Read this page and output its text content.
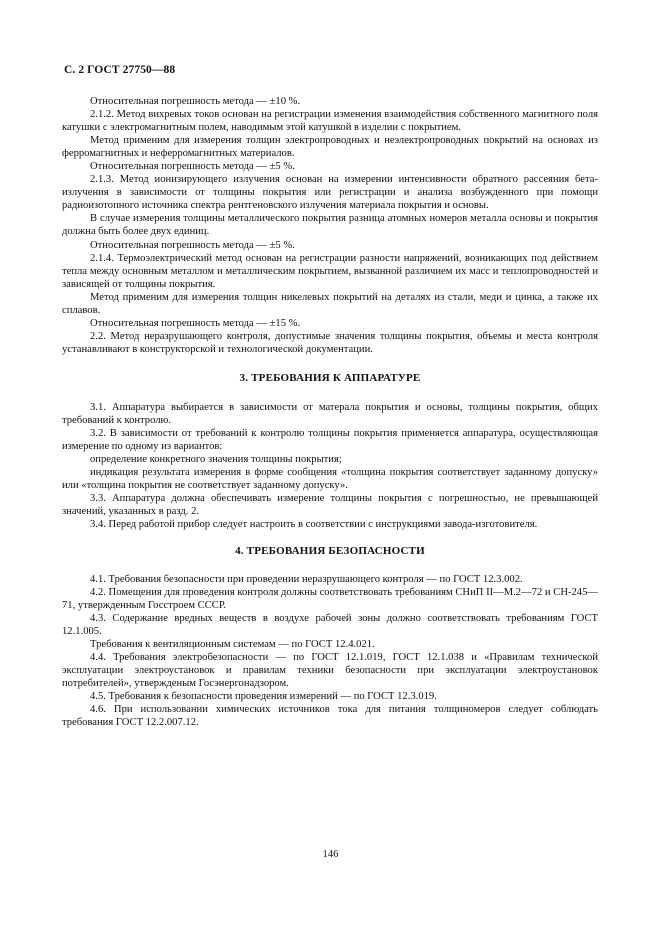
С. 2 ГОСТ 27750—88

Относительная погрешность метода — ±10 %.

2.1.2. Метод вихревых токов основан на регистрации изменения взаимодействия собственного магнитного поля катушки с электромагнитным полем, наводимым этой катушкой в изделии с покрытием.

Метод применим для измерения толщин электропроводных и неэлектропроводных покрытий на основах из ферромагнитных и неферромагнитных материалов.

Относительная погрешность метода — ±5 %.

2.1.3. Метод ионизирующего излучения основан на измерении интенсивности обратного рассеяния бета-излучения в зависимости от толщины покрытия или регистрации и анализа возбужденного при помощи радиоизотопного источника спектра рентгеновского излучения материала покрытия и основы.

В случае измерения толщины металлического покрытия разница атомных номеров металла основы и покрытия должна быть более двух единиц.

Относительная погрешность метода — ±5 %.

2.1.4. Термоэлектрический метод основан на регистрации разности напряжений, возникающих под действием тепла между основным металлом и металлическим покрытием, вызванной различием их масс и теплопроводностей и зависящей от толщины покрытия.

Метод применим для измерения толщин никелевых покрытий на деталях из стали, меди и цинка, а также их сплавов.

Относительная погрешность метода — ±15 %.

2.2. Метод неразрушающего контроля, допустимые значения толщины покрытия, объемы и места контроля устанавливают в конструкторской и технологической документации.

3. ТРЕБОВАНИЯ К АППАРАТУРЕ

3.1. Аппаратура выбирается в зависимости от матерала покрытия и основы, толщины покрытия, общих требований к контролю.

3.2. В зависимости от требований к контролю толщины покрытия применяется аппаратура, осуществляющая измерение по одному из вариантов:

определение конкретного значения толщины покрытия;

индикация результата измерения в форме сообщения «толщина покрытия соответствует заданному допуску» или «толщина покрытия не соответствует заданному допуску».

3.3. Аппаратура должна обеспечивать измерение толщины покрытия с погрешностью, не превышающей значений, указанных в разд. 2.

3.4. Перед работой прибор следует настроить в соответствии с инструкциями завода-изготовителя.

4. ТРЕБОВАНИЯ БЕЗОПАСНОСТИ

4.1. Требования безопасности при проведении неразрушающего контроля — по ГОСТ 12.3.002.

4.2. Помещения для проведения контроля должны соответствовать требованиям СНиП II—М.2—72 и СН-245—71, утвержденным Госстроем СССР.

4.3. Содержание вредных веществ в воздухе рабочей зоны должно соответствовать требованиям ГОСТ 12.1.005.

Требования к вентиляционным системам — по ГОСТ 12.4.021.

4.4. Требования электробезопасности — по ГОСТ 12.1.019, ГОСТ 12.1.038 и «Правилам технической эксплуатации электроустановок и правилам техники безопасности при эксплуатации электроустановок потребителей», утвержденым Госэнергонадзором.

4.5. Требования к безопасности проведения измерений — по ГОСТ 12.3.019.

4.6. При использовании химических источников тока для питания толщиномеров следует соблюдать требования ГОСТ 12.2.007.12.

146
